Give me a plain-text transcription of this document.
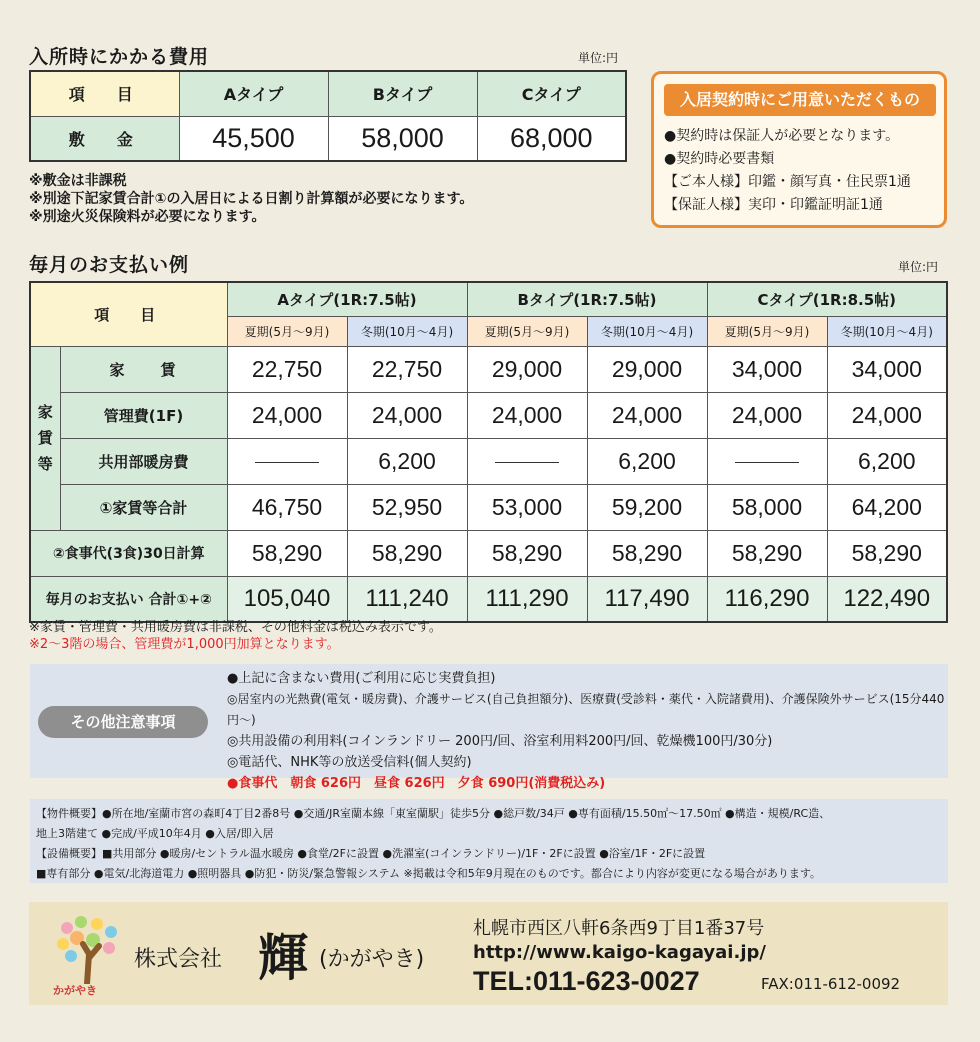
入所時にかかる費用	単位:円
項　目	Aタイプ	Bタイプ	Cタイプ
敷　金	45,500	58,000	68,000
※敷金は非課税
※別途下記家賃合計①の入居日による日割り計算額が必要になります。
※別途火災保険料が必要になります。
入居契約時にご用意いただくもの
●契約時は保証人が必要となります。
●契約時必要書類
【ご本人様】印鑑・顔写真・住民票1通
【保証人様】実印・印鑑証明証1通
毎月のお支払い例	単位:円
項　目		Aタイプ(1R:7.5帖)		Bタイプ(1R:7.5帖)		Cタイプ(1R:8.5帖)	
		夏期(5月〜9月)	冬期(10月〜4月)	夏期(5月〜9月)	冬期(10月〜4月)	夏期(5月〜9月)	冬期(10月〜4月)

家
賃
等	家　　賃	22,750	22,750	29,000	29,000	34,000	34,000
	管理費(1F)	24,000	24,000	24,000	24,000	24,000	24,000
	共用部暖房費		6,200		6,200		6,200
	①家賃等合計	46,750	52,950	53,000	59,200	58,000	64,200
②食事代(3食)30日計算		58,290	58,290	58,290	58,290	58,290	58,290
毎月のお支払い 合計①+②		105,040	111,240	111,290	117,490	116,290	122,490
※家賃・管理費・共用暖房費は非課税、その他料金は税込み表示です。
※2〜3階の場合、管理費が1,000円加算となります。
その他注意事項
●上記に含まない費用(ご利用に応じ実費負担)
◎居室内の光熱費(電気・暖房費)、介護サービス(自己負担額分)、医療費(受診料・薬代・入院諸費用)、介護保険外サービス(15分440円〜)
◎共用設備の利用料(コインランドリー 200円/回、浴室利用料200円/回、乾燥機100円/30分)
◎電話代、NHK等の放送受信料(個人契約)
●食事代　朝食 626円　昼食 626円　夕食 690円(消費税込み)
【物件概要】●所在地/室蘭市宮の森町4丁目2番8号 ●交通/JR室蘭本線「東室蘭駅」徒歩5分 ●総戸数/34戸 ●専有面積/15.50㎡〜17.50㎡ ●構造・規模/RC造、
地上3階建て ●完成/平成10年4月 ●入居/即入居
【設備概要】■共用部分 ●暖房/セントラル温水暖房 ●食堂/2Fに設置 ●洗濯室(コインランドリー)/1F・2Fに設置 ●浴室/1F・2Fに設置
■専有部分 ●電気/北海道電力 ●照明器具 ●防犯・防災/緊急警報システム ※掲載は令和5年9月現在のものです。都合により内容が変更になる場合があります。
かがやき
株式会社 輝 (かがやき)
札幌市西区八軒6条西9丁目1番37号
http://www.kaigo-kagayai.jp/
TEL:011-623-0027	FAX:011-612-0092
